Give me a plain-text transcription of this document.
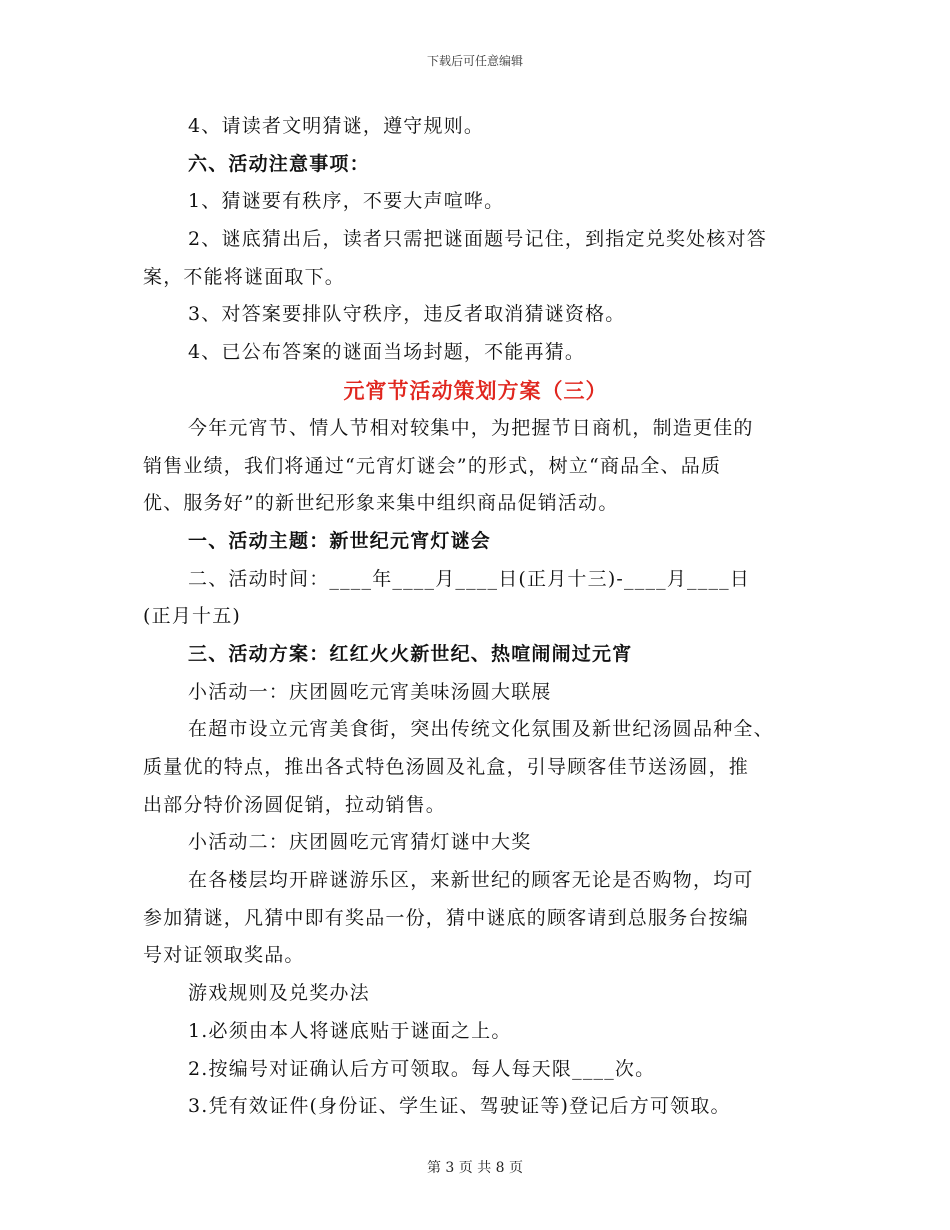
下载后可任意编辑
4、请读者文明猜谜，遵守规则。
六、活动注意事项：
1、猜谜要有秩序，不要大声喧哗。
2、谜底猜出后，读者只需把谜面题号记住，到指定兑奖处核对答
案，不能将谜面取下。
3、对答案要排队守秩序，违反者取消猜谜资格。
4、已公布答案的谜面当场封题，不能再猜。
元宵节活动策划方案（三）
今年元宵节、情人节相对较集中，为把握节日商机，制造更佳的
销售业绩，我们将通过“元宵灯谜会”的形式，树立“商品全、品质
优、服务好”的新世纪形象来集中组织商品促销活动。
一、活动主题：新世纪元宵灯谜会
二、活动时间：____年____月____日(正月十三)-____月____日
(正月十五)
三、活动方案：红红火火新世纪、热喧闹闹过元宵
小活动一：庆团圆吃元宵美味汤圆大联展
在超市设立元宵美食街，突出传统文化氛围及新世纪汤圆品种全、
质量优的特点，推出各式特色汤圆及礼盒，引导顾客佳节送汤圆，推
出部分特价汤圆促销，拉动销售。
小活动二：庆团圆吃元宵猜灯谜中大奖
在各楼层均开辟谜游乐区，来新世纪的顾客无论是否购物，均可
参加猜谜，凡猜中即有奖品一份，猜中谜底的顾客请到总服务台按编
号对证领取奖品。
游戏规则及兑奖办法
1.必须由本人将谜底贴于谜面之上。
2.按编号对证确认后方可领取。每人每天限____次。
3.凭有效证件(身份证、学生证、驾驶证等)登记后方可领取。
第 3 页 共 8 页
